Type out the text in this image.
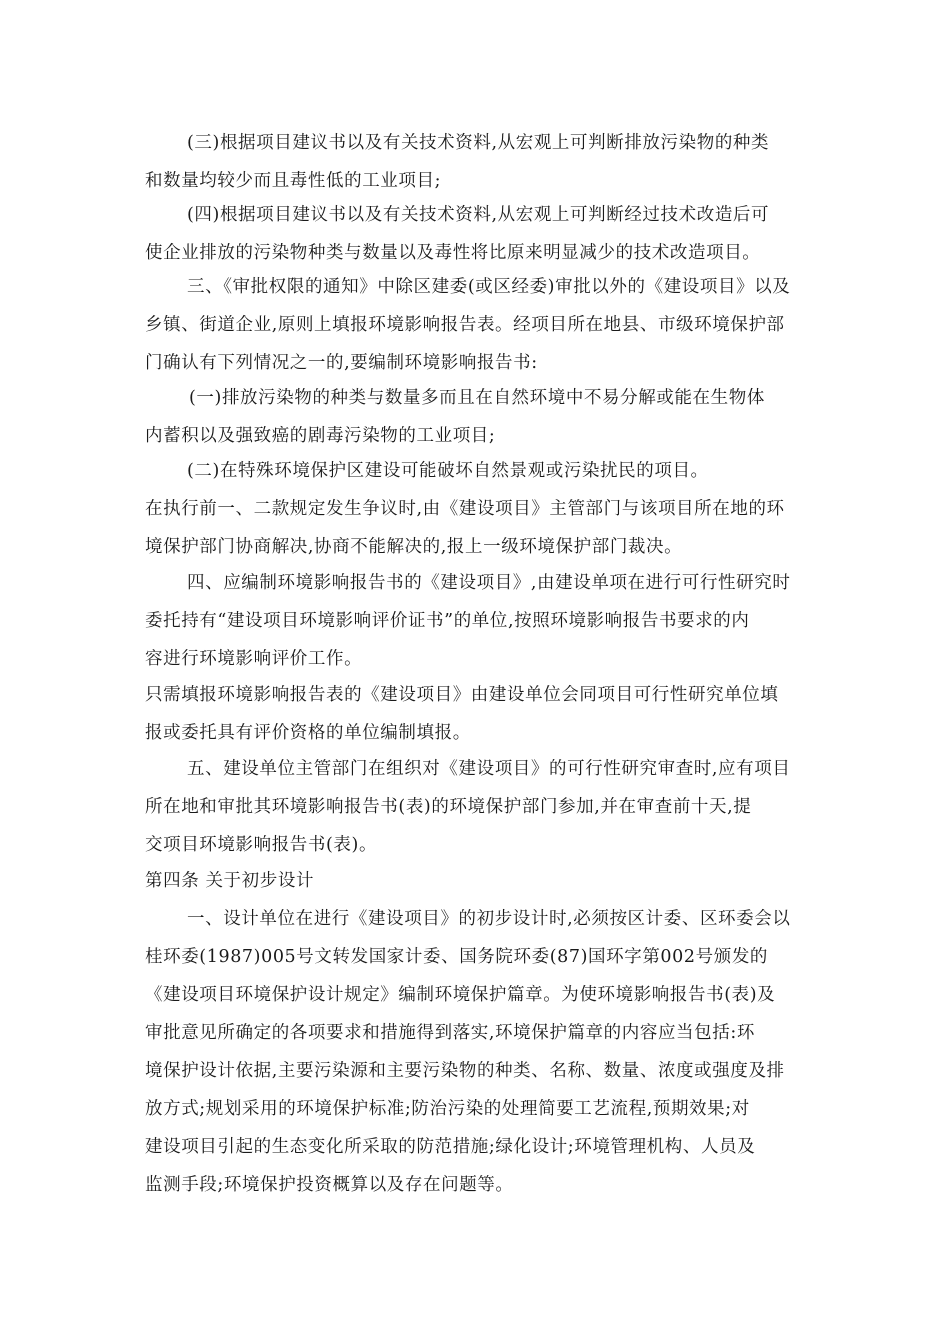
(三)根据项目建议书以及有关技术资料,从宏观上可判断排放污染物的种类
和数量均较少而且毒性低的工业项目;
(四)根据项目建议书以及有关技术资料,从宏观上可判断经过技术改造后可
使企业排放的污染物种类与数量以及毒性将比原来明显减少的技术改造项目。
三、《审批权限的通知》中除区建委(或区经委)审批以外的《建设项目》以及
乡镇、街道企业,原则上填报环境影响报告表。经项目所在地县、市级环境保护部
门确认有下列情况之一的,要编制环境影响报告书:
(一)排放污染物的种类与数量多而且在自然环境中不易分解或能在生物体
内蓄积以及强致癌的剧毒污染物的工业项目;
(二)在特殊环境保护区建设可能破坏自然景观或污染扰民的项目。
在执行前一、二款规定发生争议时,由《建设项目》主管部门与该项目所在地的环
境保护部门协商解决,协商不能解决的,报上一级环境保护部门裁决。
四、应编制环境影响报告书的《建设项目》,由建设单项在进行可行性研究时
委托持有“建设项目环境影响评价证书”的单位,按照环境影响报告书要求的内
容进行环境影响评价工作。
只需填报环境影响报告表的《建设项目》由建设单位会同项目可行性研究单位填
报或委托具有评价资格的单位编制填报。
五、建设单位主管部门在组织对《建设项目》的可行性研究审查时,应有项目
所在地和审批其环境影响报告书(表)的环境保护部门参加,并在审查前十天,提
交项目环境影响报告书(表)。
第四条 关于初步设计
一、设计单位在进行《建设项目》的初步设计时,必须按区计委、区环委会以
桂环委(1987)005号文转发国家计委、国务院环委(87)国环字第002号颁发的
《建设项目环境保护设计规定》编制环境保护篇章。为使环境影响报告书(表)及
审批意见所确定的各项要求和措施得到落实,环境保护篇章的内容应当包括:环
境保护设计依据,主要污染源和主要污染物的种类、名称、数量、浓度或强度及排
放方式;规划采用的环境保护标准;防治污染的处理简要工艺流程,预期效果;对
建设项目引起的生态变化所采取的防范措施;绿化设计;环境管理机构、人员及
监测手段;环境保护投资概算以及存在问题等。
